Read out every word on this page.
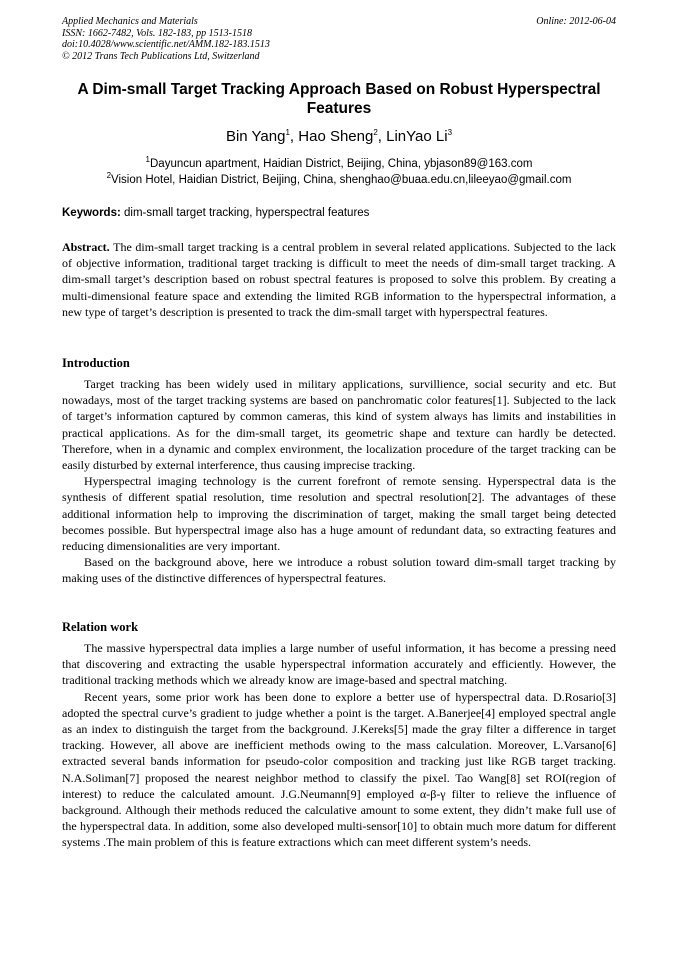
Applied Mechanics and Materials
ISSN: 1662-7482, Vols. 182-183, pp 1513-1518
doi:10.4028/www.scientific.net/AMM.182-183.1513
© 2012 Trans Tech Publications Ltd, Switzerland
Online: 2012-06-04
A Dim-small Target Tracking Approach Based on Robust Hyperspectral Features
Bin Yang$^1$, Hao Sheng$^2$, LinYao Li$^3$
$^1$Dayuncun apartment, Haidian District, Beijing, China, ybjason89@163.com
$^2$Vision Hotel, Haidian District, Beijing, China, shenghao@buaa.edu.cn,lileeyao@gmail.com
Keywords: dim-small target tracking, hyperspectral features

Abstract. The dim-small target tracking is a central problem in several related applications. Subjected to the lack of objective information, traditional target tracking is difficult to meet the needs of dim-small target tracking. A dim-small target’s description based on robust spectral features is proposed to solve this problem. By creating a multi-dimensional feature space and extending the limited RGB information to the hyperspectral information, a new type of target’s description is presented to track the dim-small target with hyperspectral features.

Introduction

Target tracking has been widely used in military applications, survillience, social security and etc. But nowadays, most of the target tracking systems are based on panchromatic color features[1]. Subjected to the lack of target’s information captured by common cameras, this kind of system always has limits and instabilities in practical applications. As for the dim-small target, its geometric shape and texture can hardly be detected. Therefore, when in a dynamic and complex environment, the localization procedure of the target tracking can be easily disturbed by external interference, thus causing imprecise tracking.

Hyperspectral imaging technology is the current forefront of remote sensing. Hyperspectral data is the synthesis of different spatial resolution, time resolution and spectral resolution[2]. The advantages of these additional information help to improving the discrimination of target, making the small target being detected becomes possible. But hyperspectral image also has a huge amount of redundant data, so extracting features and reducing dimensionalities are very important.

Based on the background above, here we introduce a robust solution toward dim-small target tracking by making uses of the distinctive differences of hyperspectral features.

Relation work

The massive hyperspectral data implies a large number of useful information, it has become a pressing need that discovering and extracting the usable hyperspectral information accurately and efficiently. However, the traditional tracking methods which we already know are image-based and spectral matching.

Recent years, some prior work has been done to explore a better use of hyperspectral data. D.Rosario[3] adopted the spectral curve’s gradient to judge whether a point is the target. A.Banerjee[4] employed spectral angle as an index to distinguish the target from the background. J.Kereks[5] made the gray filter a difference in target tracking. However, all above are inefficient methods owing to the mass calculation. Moreover, L.Varsano[6] extracted several bands information for pseudo-color composition and tracking just like RGB target tracking. N.A.Soliman[7] proposed the nearest neighbor method to classify the pixel. Tao Wang[8] set ROI(region of interest) to reduce the calculated amount. J.G.Neumann[9] employed α-β-γ filter to relieve the influence of background. Although their methods reduced the calculative amount to some extent, they didn’t make full use of the hyperspectral data. In addition, some also developed multi-sensor[10] to obtain much more datum for different systems .The main problem of this is feature extractions which can meet different system’s needs.
